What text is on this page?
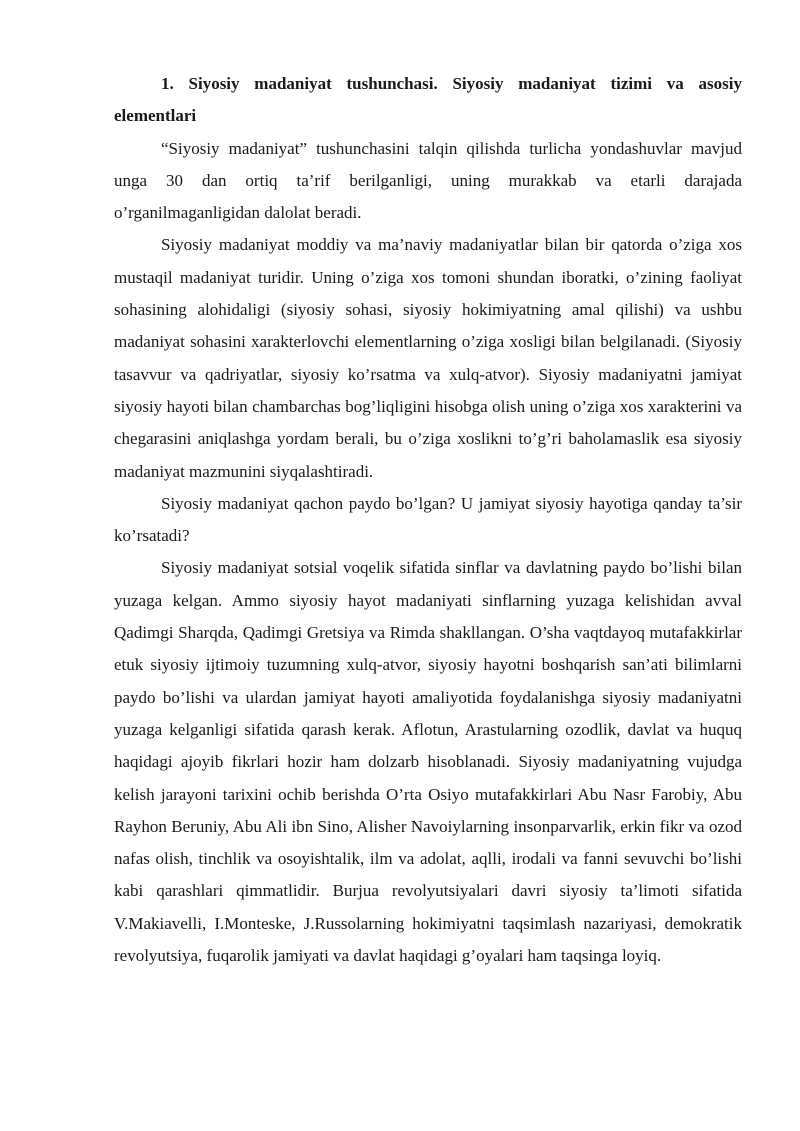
1. Siyosiy madaniyat tushunchasi. Siyosiy madaniyat tizimi va asosiy elementlari

“Siyosiy madaniyat” tushunchasini talqin qilishda turlicha yondashuvlar mavjud unga 30 dan ortiq ta’rif berilganligi, uning murakkab va etarli darajada o’rganilmaganligidan dalolat beradi.

Siyosiy madaniyat moddiy va ma’naviy madaniyatlar bilan bir qatorda o’ziga xos mustaqil madaniyat turidir. Uning o’ziga xos tomoni shundan iboratki, o’zining faoliyat sohasining alohidaligi (siyosiy sohasi, siyosiy hokimiyatning amal qilishi) va ushbu madaniyat sohasini xarakterlovchi elementlarning o’ziga xosligi bilan belgilanadi. (Siyosiy tasavvur va qadriyatlar, siyosiy ko’rsatma va xulq-atvor). Siyosiy madaniyatni jamiyat siyosiy hayoti bilan chambarchas bog’liqligini hisobga olish uning o’ziga xos xarakterini va chegarasini aniqlashga yordam berali, bu o’ziga xoslikni to’g’ri baholamaslik esa siyosiy madaniyat mazmunini siyqalashtiradi.

Siyosiy madaniyat qachon paydo bo’lgan? U jamiyat siyosiy hayotiga qanday ta’sir ko’rsatadi?

Siyosiy madaniyat sotsial voqelik sifatida sinflar va davlatning paydo bo’lishi bilan yuzaga kelgan. Ammo siyosiy hayot madaniyati sinflarning yuzaga kelishidan avval Qadimgi Sharqda, Qadimgi Gretsiya va Rimda shakllangan. O’sha vaqtdayoq mutafakkirlar etuk siyosiy ijtimoiy tuzumning xulq-atvor, siyosiy hayotni boshqarish san’ati bilimlarni paydo bo’lishi va ulardan jamiyat hayoti amaliyotida foydalanishga siyosiy madaniyatni yuzaga kelganligi sifatida qarash kerak. Aflotun, Arastularning ozodlik, davlat va huquq haqidagi ajoyib fikrlari hozir ham dolzarb hisoblanadi. Siyosiy madaniyatning vujudga kelish jarayoni tarixini ochib berishda O’rta Osiyo mutafakkirlari Abu Nasr Farobiy, Abu Rayhon Beruniy, Abu Ali ibn Sino, Alisher Navoiylarning insonparvarlik, erkin fikr va ozod nafas olish, tinchlik va osoyishtalik, ilm va adolat, aqlli, irodali va fanni sevuvchi bo’lishi kabi qarashlari qimmatlidir. Burjua revolyutsiyalari davri siyosiy ta’limoti sifatida V.Makiavelli, I.Monteske, J.Russolarning hokimiyatni taqsimlash nazariyasi, demokratik revolyutsiya, fuqarolik jamiyati va davlat haqidagi g’oyalari ham taqsinga loyiq.
